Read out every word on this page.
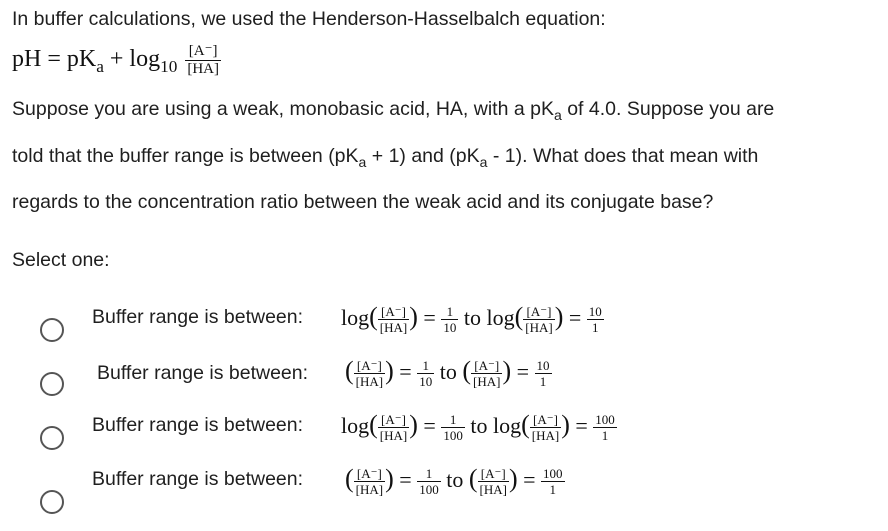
In buffer calculations, we used the Henderson-Hasselbalch equation:
pH = $pK_a + \log_{10} \frac{[A^-]}{[HA]}$
Suppose you are using a weak, monobasic acid, HA, with a $pK_a$ of 4.0. Suppose you are
told that the buffer range is between $(pK_a + 1)$ and $(pK_a - 1)$. What does that mean with
regards to the concentration ratio between the weak acid and its conjugate base?
Select one:
Buffer range is between: $\log( \frac{[A^-]}{[HA]}$ ) = $\frac{1}{10}$ to $\log( \frac{[A^-]}{[HA]}$ ) = $\frac{10}{1}$
Buffer range is between: ( $\frac{[A^-]}{[HA]}$ ) = $\frac{1}{10}$ to ( $\frac{[A^-]}{[HA]}$ ) = $\frac{10}{1}$
Buffer range is between: $\log( \frac{[A^-]}{[HA]}$ ) = $\frac{1}{100}$ to $\log( \frac{[A^-]}{[HA]}$ ) = $\frac{100}{1}$
Buffer range is between: ( $\frac{[A^-]}{[HA]}$ ) = $\frac{1}{100}$ to ( $\frac{[A^-]}{[HA]}$ ) = $\frac{100}{1}$
